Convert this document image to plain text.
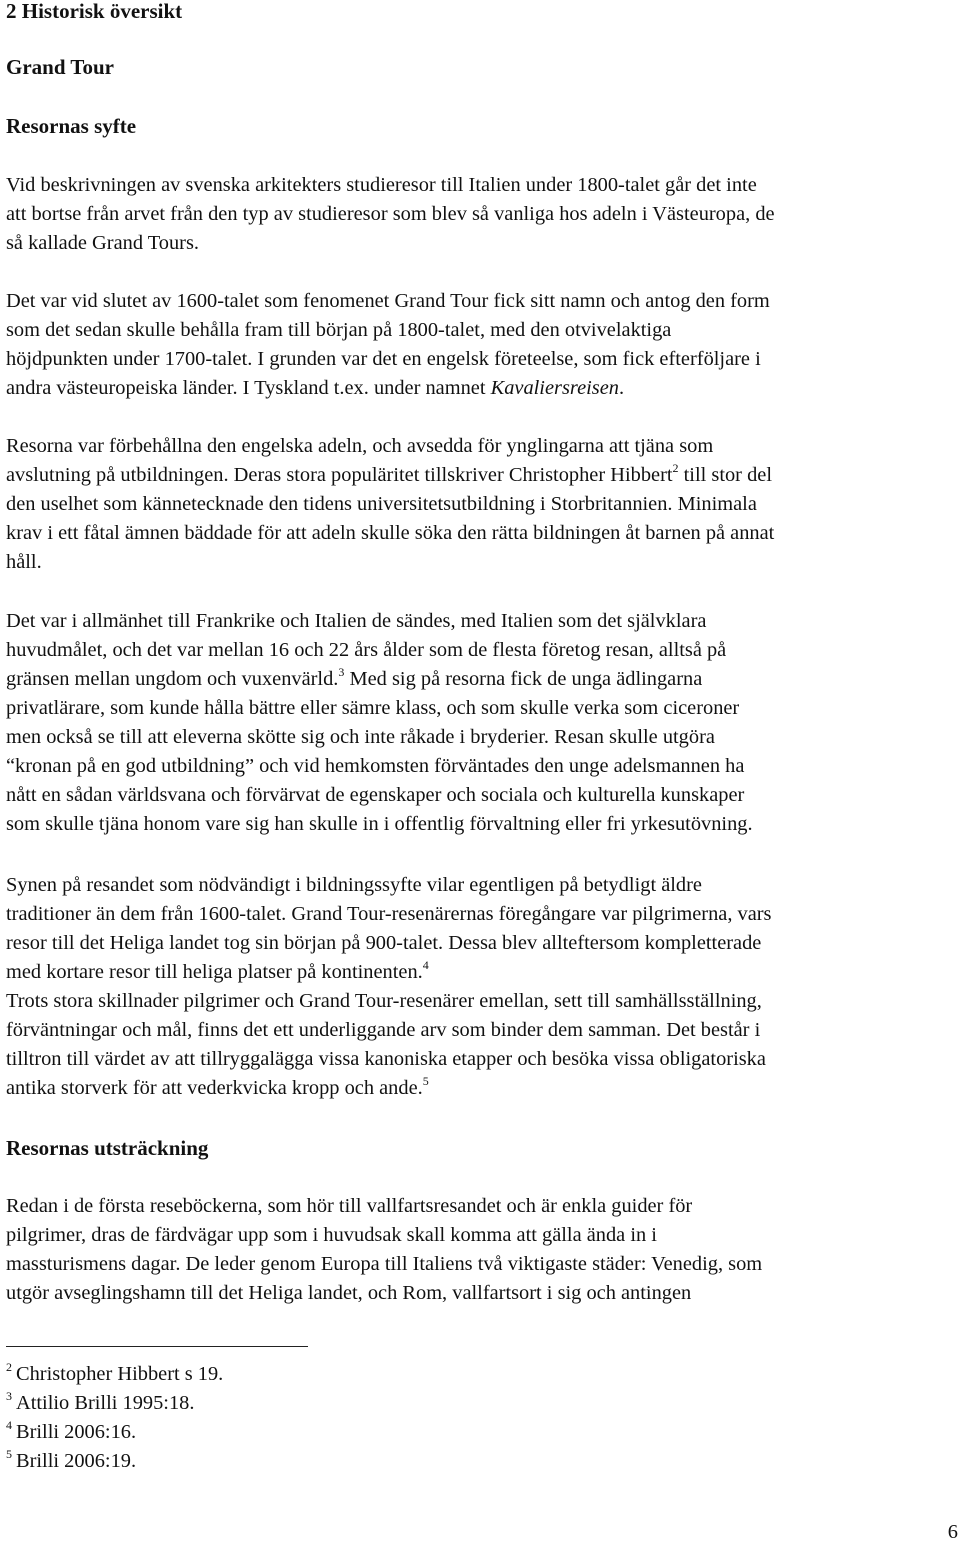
2 Historisk översikt
Grand Tour
Resornas syfte
Vid beskrivningen av svenska arkitekters studieresor till Italien under 1800-talet går det inte
att bortse från arvet från den typ av studieresor som blev så vanliga hos adeln i Västeuropa, de
så kallade Grand Tours.
Det var vid slutet av 1600-talet som fenomenet Grand Tour fick sitt namn och antog den form
som det sedan skulle behålla fram till början på 1800-talet, med den otvivelaktiga
höjdpunkten under 1700-talet. I grunden var det en engelsk företeelse, som fick efterföljare i
andra västeuropeiska länder. I Tyskland t.ex. under namnet Kavaliersreisen.
Resorna var förbehållna den engelska adeln, och avsedda för ynglingarna att tjäna som
avslutning på utbildningen. Deras stora populäritet tillskriver Christopher Hibbert$^2$ till stor del
den uselhet som kännetecknade den tidens universitetsutbildning i Storbritannien. Minimala
krav i ett fåtal ämnen bäddade för att adeln skulle söka den rätta bildningen åt barnen på annat
håll.
Det var i allmänhet till Frankrike och Italien de sändes, med Italien som det självklara
huvudmålet, och det var mellan 16 och 22 års ålder som de flesta företog resan, alltså på
gränsen mellan ungdom och vuxenvärld.$^3$ Med sig på resorna fick de unga ädlingarna
privatlärare, som kunde hålla bättre eller sämre klass, och som skulle verka som ciceroner
men också se till att eleverna skötte sig och inte råkade i bryderier. Resan skulle utgöra
“kronan på en god utbildning” och vid hemkomsten förväntades den unge adelsmannen ha
nått en sådan världsvana och förvärvat de egenskaper och sociala och kulturella kunskaper
som skulle tjäna honom vare sig han skulle in i offentlig förvaltning eller fri yrkesutövning.
Synen på resandet som nödvändigt i bildningssyfte vilar egentligen på betydligt äldre
traditioner än dem från 1600-talet. Grand Tour-resenärernas föregångare var pilgrimerna, vars
resor till det Heliga landet tog sin början på 900-talet. Dessa blev allteftersom kompletterade
med kortare resor till heliga platser på kontinenten.$^4$
Trots stora skillnader pilgrimer och Grand Tour-resenärer emellan, sett till samhällsställning,
förväntningar och mål, finns det ett underliggande arv som binder dem samman. Det består i
tilltron till värdet av att tillryggalägga vissa kanoniska etapper och besöka vissa obligatoriska
antika storverk för att vederkvicka kropp och ande.$^5$
Resornas utsträckning
Redan i de första reseböckerna, som hör till vallfartsresandet och är enkla guider för
pilgrimer, dras de färdvägar upp som i huvudsak skall komma att gälla ända in i
massturismens dagar. De leder genom Europa till Italiens två viktigaste städer: Venedig, som
utgör avseglingshamn till det Heliga landet, och Rom, vallfartsort i sig och antingen
$^2$ Christopher Hibbert s 19.
$^3$ Attilio Brilli 1995:18.
$^4$ Brilli 2006:16.
$^5$ Brilli 2006:19.
6
